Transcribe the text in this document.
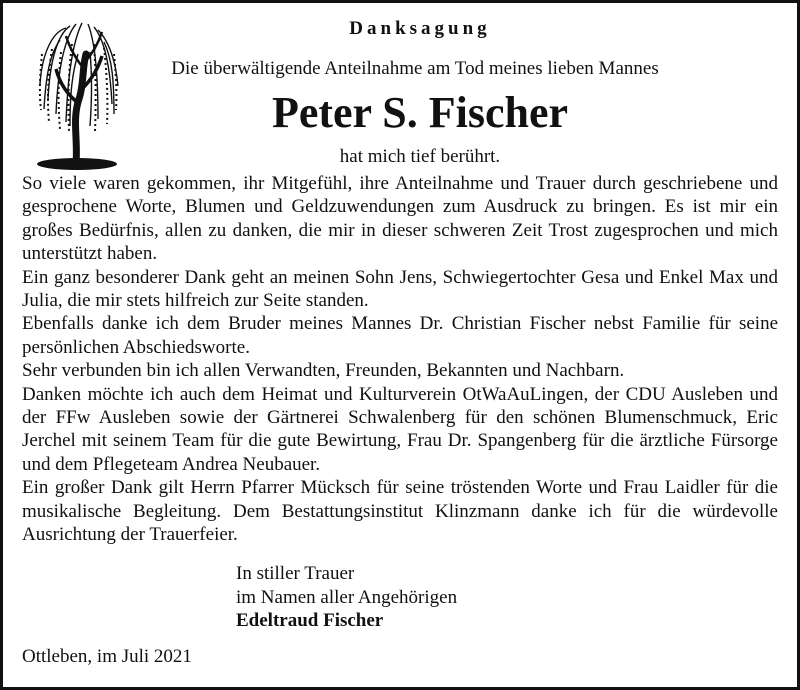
Danksagung
Die überwältigende Anteilnahme am Tod meines lieben Mannes
Peter S. Fischer
hat mich tief berührt.

So viele waren gekommen, ihr Mitgefühl, ihre Anteilnahme und Trauer durch geschriebene und gesprochene Worte, Blumen und Geldzuwendungen zum Ausdruck zu bringen. Es ist mir ein großes Bedürfnis, allen zu danken, die mir in dieser schweren Zeit Trost zugesprochen und mich unterstützt haben.

Ein ganz besonderer Dank geht an meinen Sohn Jens, Schwiegertochter Gesa und Enkel Max und Julia, die mir stets hilfreich zur Seite standen.

Ebenfalls danke ich dem Bruder meines Mannes Dr. Christian Fischer nebst Familie für seine persönlichen Abschiedsworte.

Sehr verbunden bin ich allen Verwandten, Freunden, Bekannten und Nachbarn.

Danken möchte ich auch dem Heimat und Kulturverein OtWaAuLingen, der CDU Ausleben und der FFw Ausleben sowie der Gärtnerei Schwalenberg für den schönen Blumenschmuck, Eric Jerchel mit seinem Team für die gute Bewirtung, Frau Dr. Spangenberg für die ärztliche Fürsorge und dem Pflegeteam Andrea Neubauer.

Ein großer Dank gilt Herrn Pfarrer Mücksch für seine tröstenden Worte und Frau Laidler für die musikalische Begleitung. Dem Bestattungsinstitut Klinzmann danke ich für die würdevolle Ausrichtung der Trauerfeier.

In stiller Trauer
im Namen aller Angehörigen
Edeltraud Fischer
Ottleben, im Juli 2021
